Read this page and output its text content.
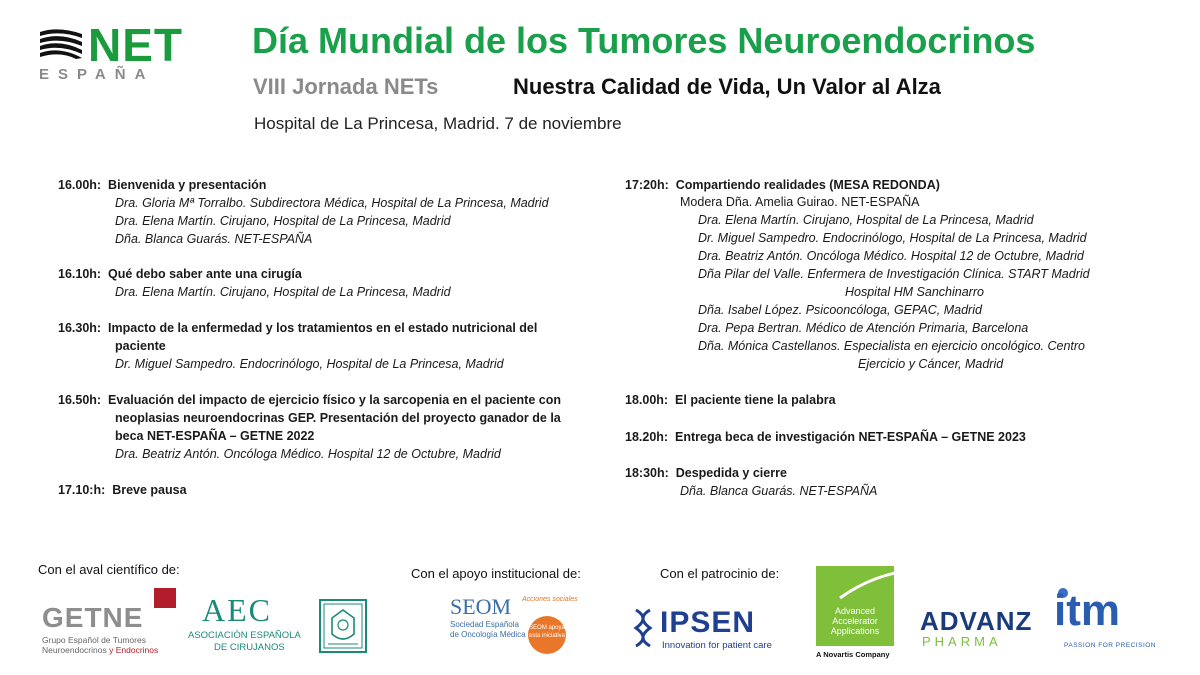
NET
ESPAÑA
Día Mundial de los Tumores Neuroendocrinos
VIII Jornada NETs	Nuestra Calidad de Vida, Un Valor al Alza
Hospital de La Princesa, Madrid. 7 de noviembre
16.00h: Bienvenida y presentación
Dra. Gloria Mª Torralbo. Subdirectora Médica, Hospital de La Princesa, Madrid
Dra. Elena Martín. Cirujano, Hospital de La Princesa, Madrid
Dña. Blanca Guarás. NET-ESPAÑA
16.10h: Qué debo saber ante una cirugía
Dra. Elena Martín. Cirujano, Hospital de La Princesa, Madrid
16.30h: Impacto de la enfermedad y los tratamientos en el estado nutricional del
paciente
Dr. Miguel Sampedro. Endocrinólogo, Hospital de La Princesa, Madrid
16.50h: Evaluación del impacto de ejercicio físico y la sarcopenia en el paciente con
neoplasias neuroendocrinas GEP. Presentación del proyecto ganador de la
beca NET-ESPAÑA – GETNE 2022
Dra. Beatriz Antón. Oncóloga Médico. Hospital 12 de Octubre, Madrid
17.10:h: Breve pausa
17:20h: Compartiendo realidades (MESA REDONDA)
Modera Dña. Amelia Guirao. NET-ESPAÑA
Dra. Elena Martín. Cirujano, Hospital de La Princesa, Madrid
Dr. Miguel Sampedro. Endocrinólogo, Hospital de La Princesa, Madrid
Dra. Beatriz Antón. Oncóloga Médico. Hospital 12 de Octubre, Madrid
Dña Pilar del Valle. Enfermera de Investigación Clínica. START Madrid
Hospital HM Sanchinarro
Dña. Isabel López. Psicooncóloga, GEPAC, Madrid
Dra. Pepa Bertran. Médico de Atención Primaria, Barcelona
Dña. Mónica Castellanos. Especialista en ejercicio oncológico. Centro
Ejercicio y Cáncer, Madrid
18.00h: El paciente tiene la palabra
18.20h: Entrega beca de investigación NET-ESPAÑA – GETNE 2023
18:30h: Despedida y cierre
Dña. Blanca Guarás. NET-ESPAÑA
Con el aval científico de:	Con el apoyo institucional de:	Con el patrocinio de:
GETNE
Grupo Español de Tumores
Neuroendocrinos y Endocrinos
AEC
ASOCIACIÓN ESPAÑOLA
DE CIRUJANOS
SEOM Acciones sociales
Sociedad Española
de Oncología Médica
SEOM apoya esta iniciativa	IPSEN
Innovation for patient care
Advanced
Accelerator
Applications
A Novartis Company
ADVANZ
PHARMA
itm
PASSION FOR PRECISION
